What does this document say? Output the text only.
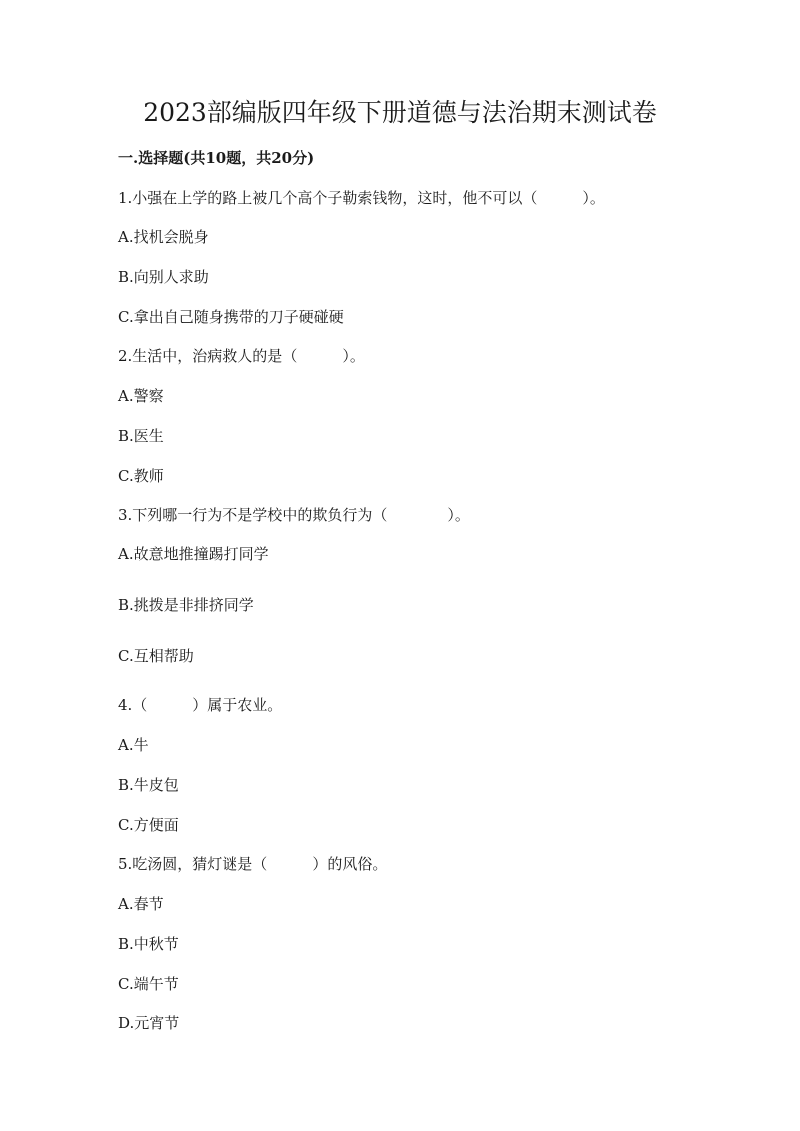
2023部编版四年级下册道德与法治期末测试卷

一.选择题(共10题，共20分)

1.小强在上学的路上被几个高个子勒索钱物，这时，他不可以（　　　）。

A.找机会脱身

B.向别人求助

C.拿出自己随身携带的刀子硬碰硬

2.生活中，治病救人的是（　　　）。

A.警察

B.医生

C.教师

3.下列哪一行为不是学校中的欺负行为（　　　　）。

A.故意地推撞踢打同学

B.挑拨是非排挤同学

C.互相帮助

4.（　　　）属于农业。

A.牛

B.牛皮包

C.方便面

5.吃汤圆，猜灯谜是（　　　）的风俗。

A.春节

B.中秋节

C.端午节

D.元宵节
